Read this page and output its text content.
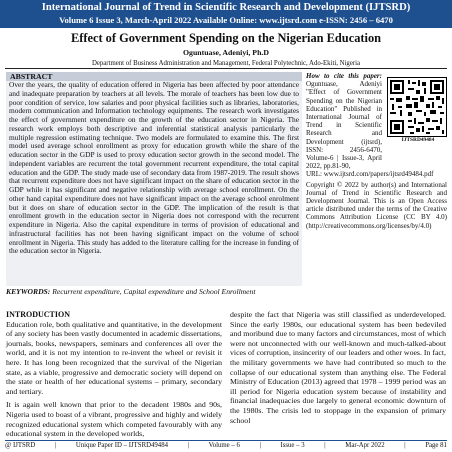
International Journal of Trend in Scientific Research and Development (IJTSRD)
Volume 6 Issue 3, March-April 2022 Available Online: www.ijtsrd.com e-ISSN: 2456 – 6470
Effect of Government Spending on the Nigerian Education
Oguntuase, Adeniyi, Ph.D
Department of Business Administration and Management, Federal Polytechnic, Ado-Ekiti, Nigeria
ABSTRACT
Over the years, the quality of education offered in Nigeria has been affected by poor attendance and inadequate preparation by teachers at all levels. The morale of teachers has been low due to poor condition of service, low salaries and poor physical facilities such as libraries, laboratories, modern communication and Information technology equipments. The research work investigates the effect of government expenditure on the growth of the education sector in Nigeria. The research work employs both descriptive and inferential statistical analysis particularly the multiple regression estimating technique. Two models are formulated to examine this. The first model used average school enrollment as proxy for education growth while the share of the education sector in the GDP is used to proxy education sector growth in the second model. The independent variables are recurrent the total government recurrent expenditure, the total capital education and the GDP. The study made use of secondary data from 1987-2019. The result shows that recurrent expenditure does not have significant impact on the share of education sector in the GDP while it has significant and negative relationship with average school enrollment. On the other hand capital expenditure does not have significant impact on the average school enrolment but it does on share of education sector in the GDP. The implication of the result is that enrollment growth in the education sector in Nigeria does not correspond with the recurrent expenditure in Nigeria. Also the capital expenditure in terms of provision of educational and infrastructural facilities has not been having significant impact on the volume of school enrollment in Nigeria. This study has added to the literature calling for the increase in funding of the education sector in Nigeria.
How to cite this paper: Oguntuase, Adeniyi "Effect of Government Spending on the Nigerian Education" Published in International Journal of Trend in Scientific Research and Development (ijtsrd), ISSN: 2456-6470, Volume-6 | Issue-3, April 2022, pp.81-90,
IJTSRD49484
URL: www.ijtsrd.com/papers/ijtsrd49484.pdf
Copyright © 2022 by author(s) and International Journal of Trend in Scientific Research and Development Journal. This is an Open Access article distributed under the terms of the Creative Commons Attribution License (CC BY 4.0) (http://creativecommons.org/licenses/by/4.0)
KEYWORDS: Recurrent expenditure, Capital expenditure and School Enrollment
INTRODUCTION

Education role, both qualitative and quantitative, in the development of any society has been vastly documented in academic dissertations, journals, books, newspapers, seminars and conferences all over the world, and it is not my intention to re-invent the wheel or revisit it here. It has long been recognized that the survival of the Nigerian state, as a viable, progressive and democratic society will depend on the state or health of her educational systems – primary, secondary and tertiary.

It is again well known that prior to the decadent 1980s and 90s, Nigeria used to boast of a vibrant, progressive and highly and widely recognized educational system which competed favourably with any educational system in the developed worlds,

despite the fact that Nigeria was still classified as underdeveloped. Since the early 1980s, our educational system has been bedeviled and moribund due to many factors and circumstances, most of which were not unconnected with our well-known and much-talked-about vices of corruption, insincerity of our leaders and other woes. In fact, the military governments we have had contributed so much to the collapse of our educational system than anything else. The Federal Ministry of Education (2013) agreed that 1978 – 1999 period was an ill period for Nigeria education system because of instability and financial inadequacies due largely to general economic downturn of the 1980s. The crisis led to stoppage in the expansion of primary school

@ IJTSRD	|	Unique Paper ID – IJTSRD49484	|	Volume – 6	|	Issue – 3	|	Mar-Apr 2022	|	Page 81
